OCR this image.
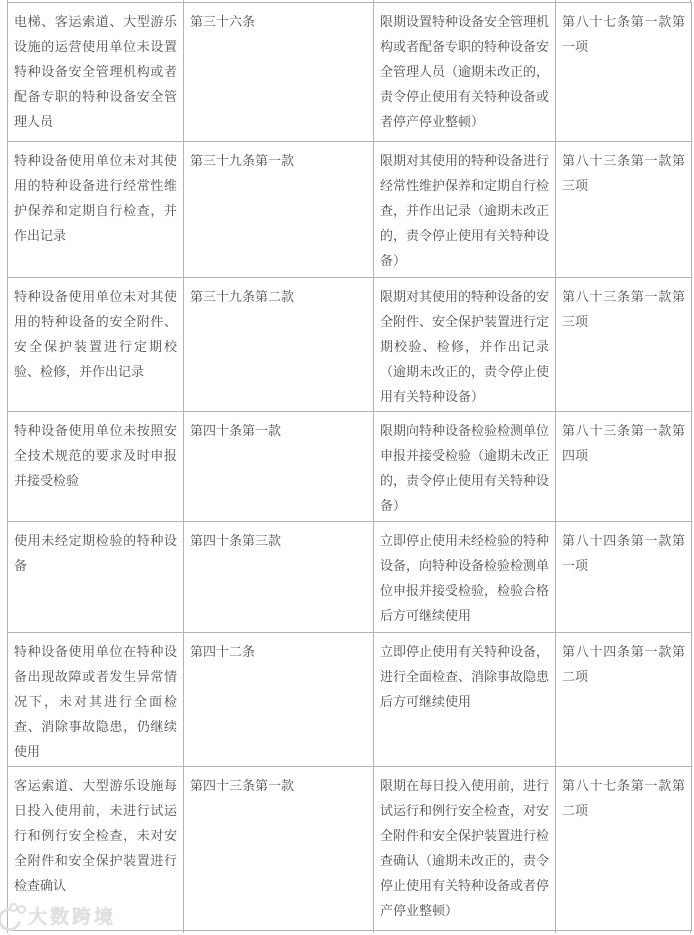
电梯、客运索道、大型游乐设施的运营使用单位未设置特种设备安全管理机构或者配备专职的特种设备安全管理人员	第三十六条	限期设置特种设备安全管理机构或者配备专职的特种设备安全管理人员（逾期未改正的，责令停止使用有关特种设备或者停产停业整顿）	第八十七条第一款第一项
特种设备使用单位未对其使用的特种设备进行经常性维护保养和定期自行检查，并作出记录	第三十九条第一款	限期对其使用的特种设备进行经常性维护保养和定期自行检查，并作出记录（逾期未改正的，责令停止使用有关特种设备）	第八十三条第一款第三项
特种设备使用单位未对其使用的特种设备的安全附件、安全保护装置进行定期校验、检修，并作出记录	第三十九条第二款	限期对其使用的特种设备的安全附件、安全保护装置进行定期校验、检修，并作出记录（逾期未改正的，责令停止使用有关特种设备）	第八十三条第一款第三项
特种设备使用单位未按照安全技术规范的要求及时申报并接受检验	第四十条第一款	限期向特种设备检验检测单位申报并接受检验（逾期未改正的，责令停止使用有关特种设备）	第八十三条第一款第四项
使用未经定期检验的特种设备	第四十条第三款	立即停止使用未经检验的特种设备，向特种设备检验检测单位申报并接受检验，检验合格后方可继续使用	第八十四条第一款第一项
特种设备使用单位在特种设备出现故障或者发生异常情况下，未对其进行全面检查、消除事故隐患，仍继续使用	第四十二条	立即停止使用有关特种设备，进行全面检查、消除事故隐患后方可继续使用	第八十四条第一款第二项
客运索道、大型游乐设施每日投入使用前，未进行试运行和例行安全检查，未对安全附件和安全保护装置进行检查确认	第四十三条第一款	限期在每日投入使用前，进行试运行和例行安全检查，对安全附件和安全保护装置进行检查确认（逾期未改正的，责令停止使用有关特种设备或者停产停业整顿）	第八十七条第一款第二项
大数跨境
